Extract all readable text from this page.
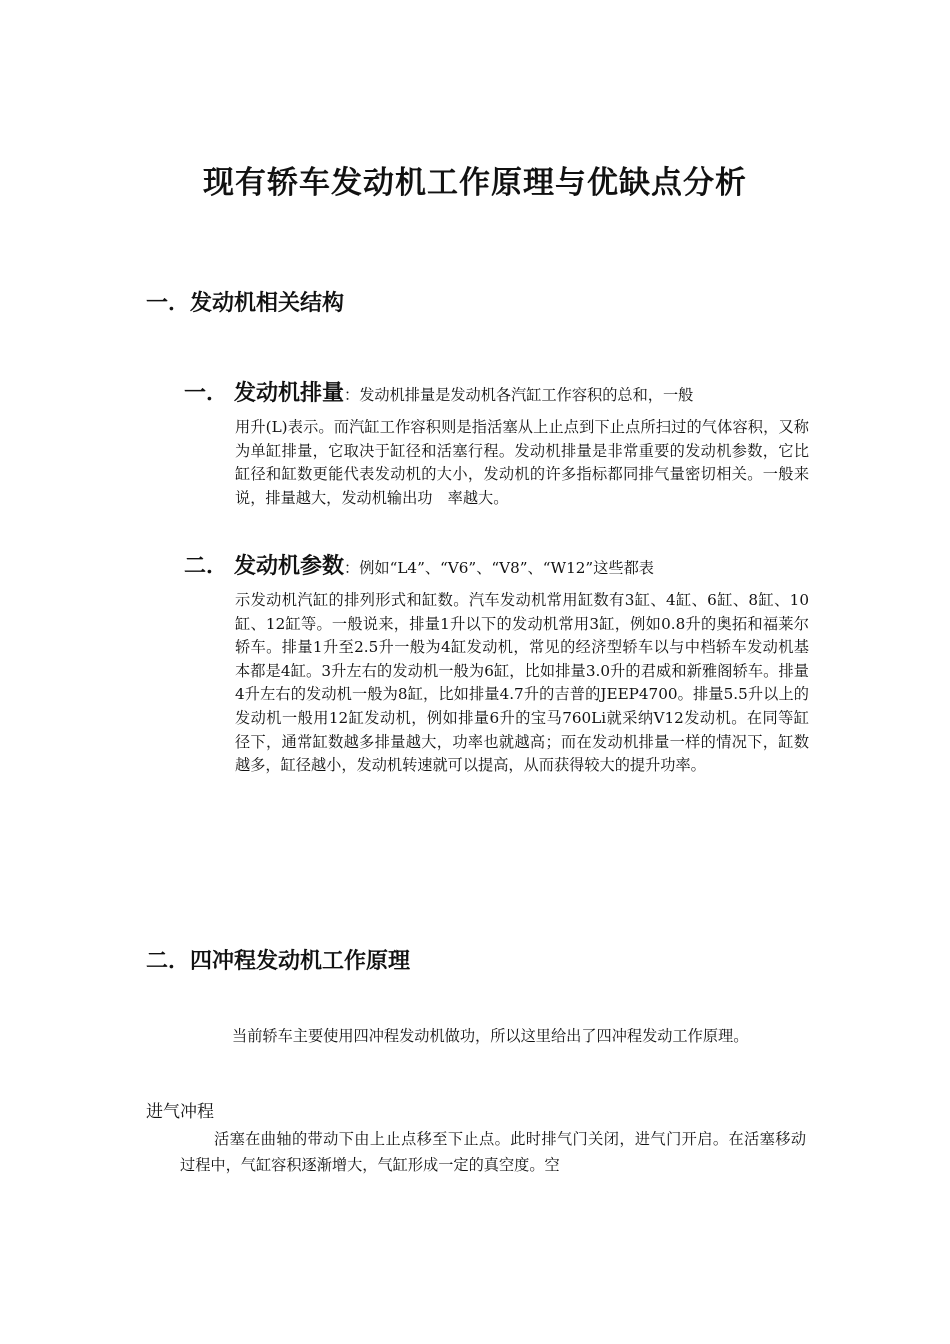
现有轿车发动机工作原理与优缺点分析
一．发动机相关结构
一． 发动机排量：发动机排量是发动机各汽缸工作容积的总和，一般
用升(L)表示。而汽缸工作容积则是指活塞从上止点到下止点所扫过的气体容积，又称为单缸排量，它取决于缸径和活塞行程。发动机排量是非常重要的发动机参数，它比缸径和缸数更能代表发动机的大小，发动机的许多指标都同排气量密切相关。一般来说，排量越大，发动机输出功　率越大。
二． 发动机参数：例如“L4”、“V6”、“V8”、“W12”这些都表
示发动机汽缸的排列形式和缸数。汽车发动机常用缸数有3缸、4缸、6缸、8缸、10缸、12缸等。一般说来，排量1升以下的发动机常用3缸，例如0.8升的奥拓和福莱尔轿车。排量1升至2.5升一般为4缸发动机，常见的经济型轿车以与中档轿车发动机基本都是4缸。3升左右的发动机一般为6缸，比如排量3.0升的君威和新雅阁轿车。排量4升左右的发动机一般为8缸，比如排量4.7升的吉普的JEEP4700。排量5.5升以上的发动机一般用12缸发动机，例如排量6升的宝马760Li就采纳V12发动机。在同等缸径下，通常缸数越多排量越大，功率也就越高；而在发动机排量一样的情况下，缸数越多，缸径越小，发动机转速就可以提高，从而获得较大的提升功率。
二．四冲程发动机工作原理

当前轿车主要使用四冲程发动机做功，所以这里给出了四冲程发动工作原理。

进气冲程

活塞在曲轴的带动下由上止点移至下止点。此时排气门关闭，进气门开启。在活塞移动过程中，气缸容积逐渐增大，气缸形成一定的真空度。空
